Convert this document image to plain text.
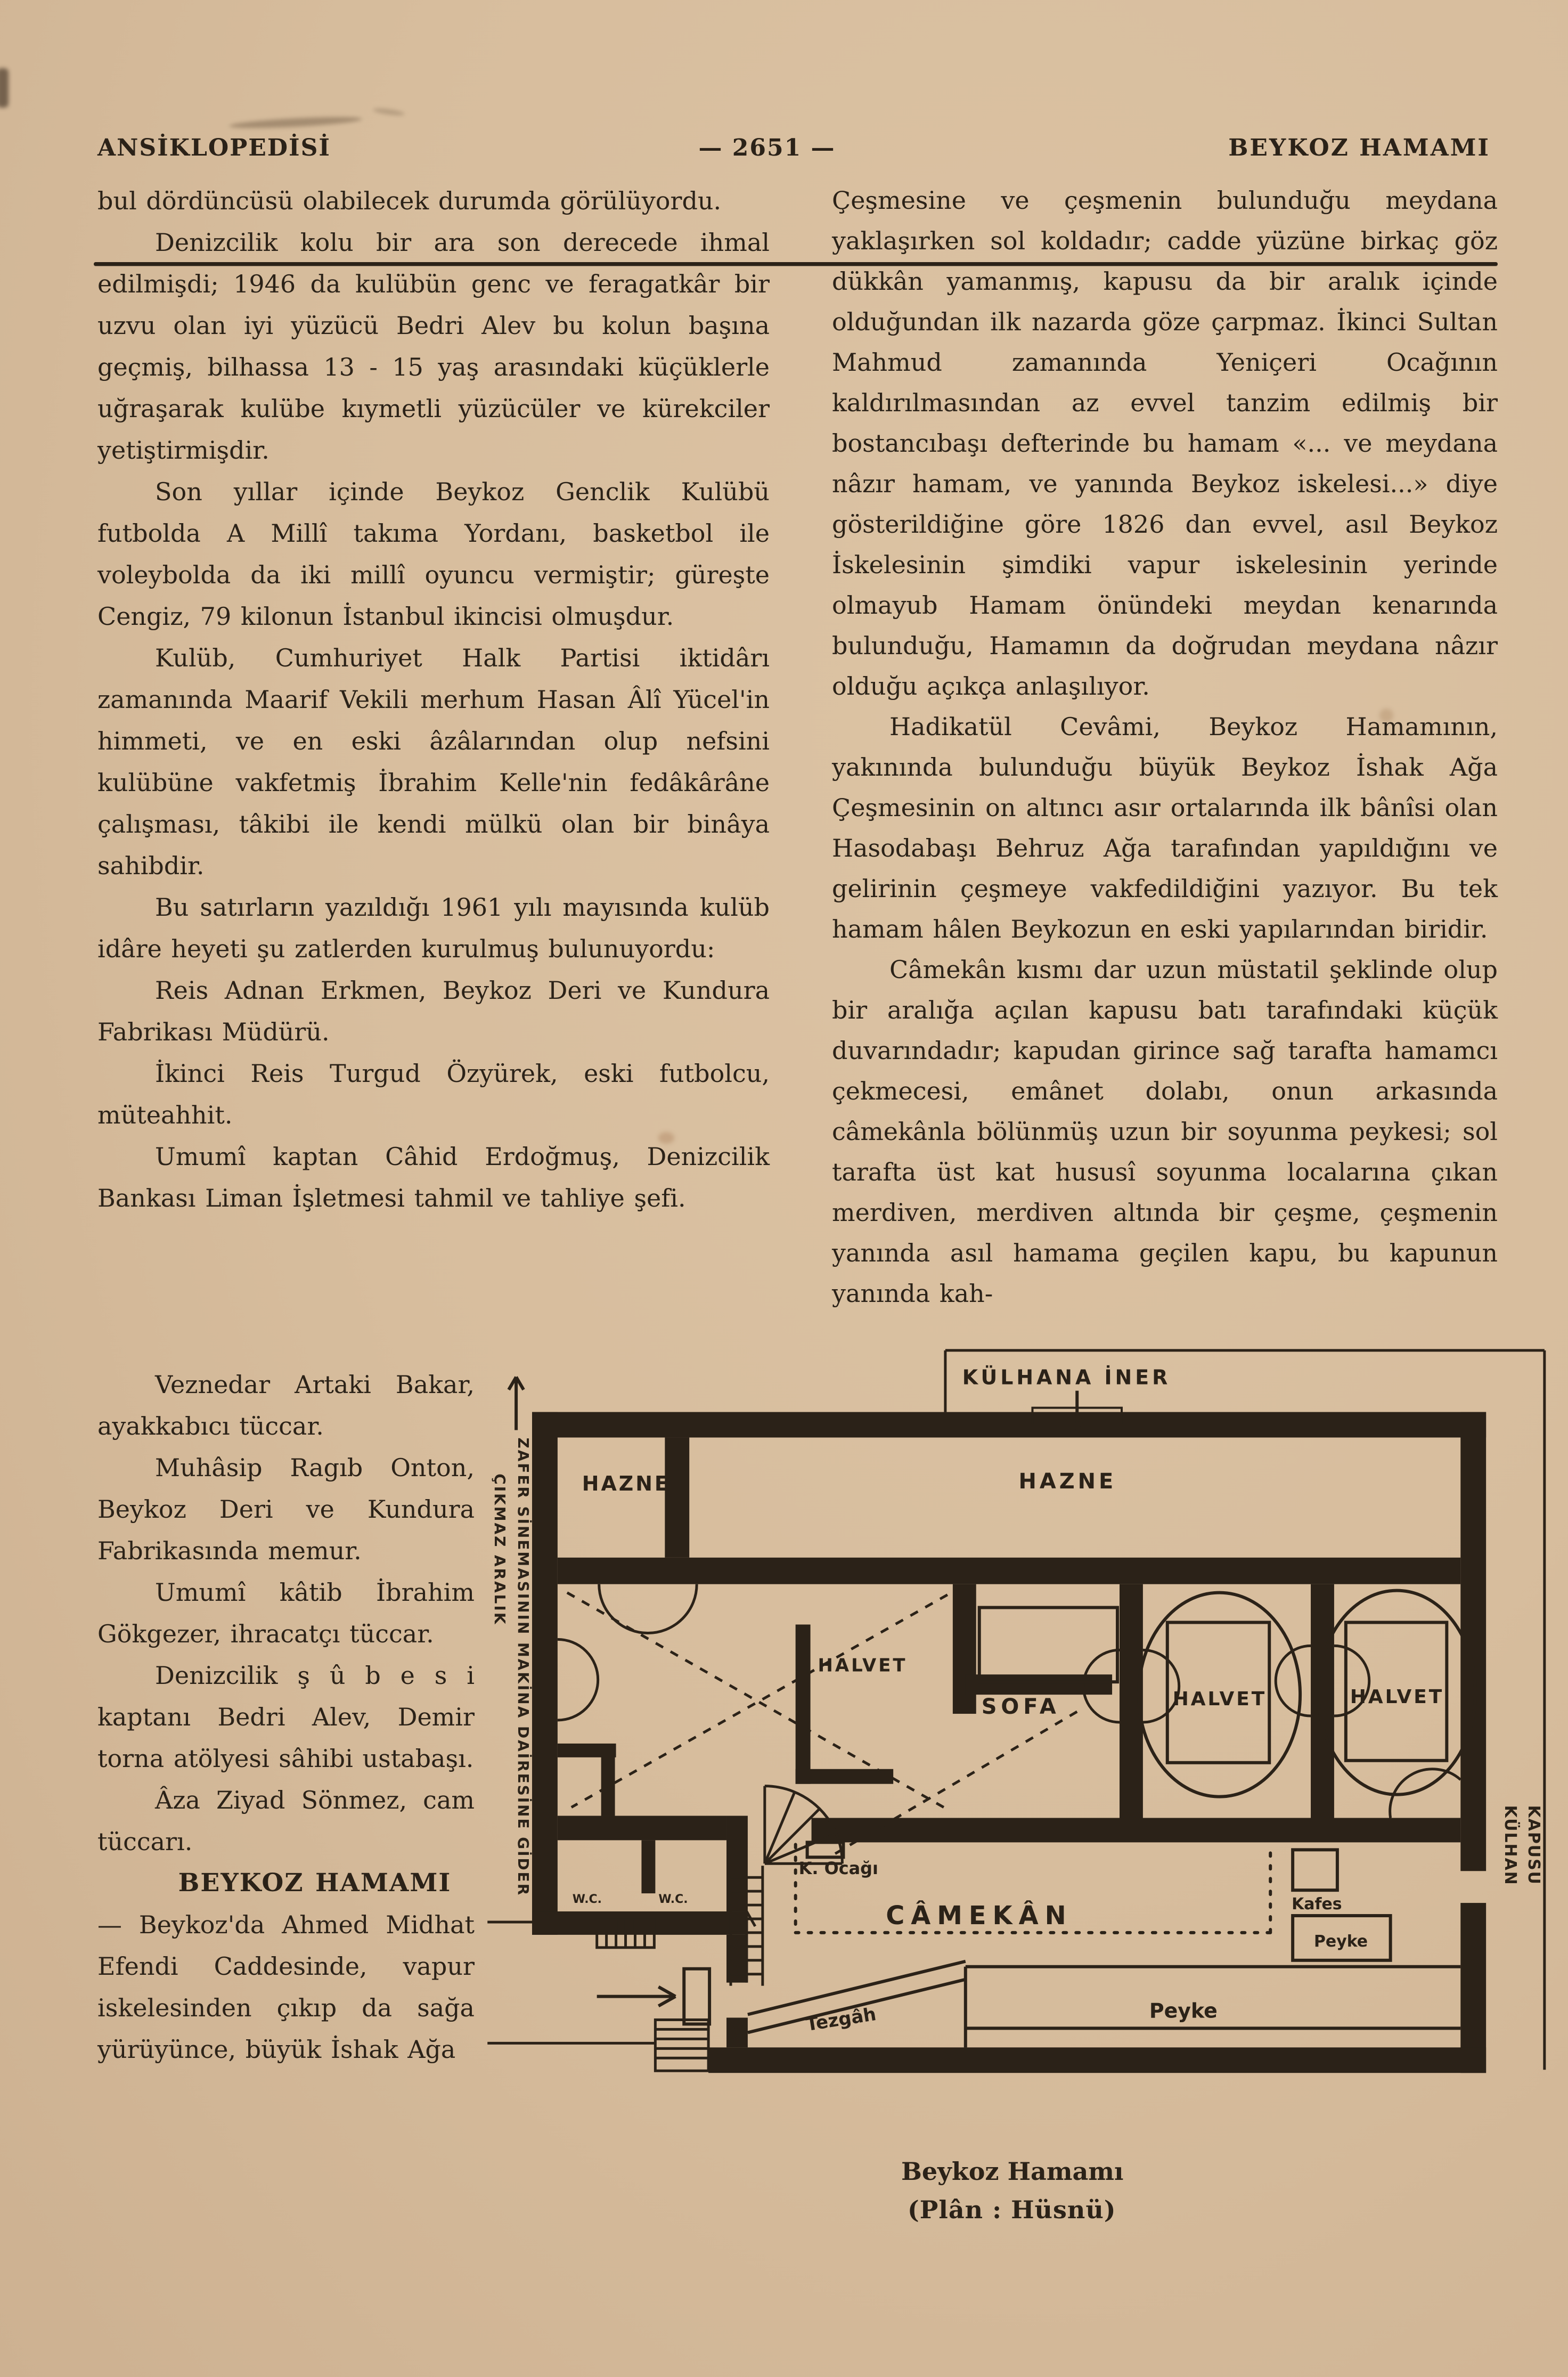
ANSİKLOPEDİSİ	— 2651 —	BEYKOZ HAMAMI

bul dördüncüsü olabilecek durumda görülüyordu.

Denizcilik kolu bir ara son derecede ihmal edilmişdi; 1946 da kulübün genc ve feragatkâr bir uzvu olan iyi yüzücü Bedri Alev bu kolun başına geçmiş, bilhassa 13 - 15 yaş arasındaki küçüklerle uğraşarak kulübe kıymetli yüzücüler ve kürekciler yetiştirmişdir.

Son yıllar içinde Beykoz Genclik Kulübü futbolda A Millî takıma Yordanı, basketbol ile voleybolda da iki millî oyuncu vermiştir; güreşte Cengiz, 79 kilonun İstanbul ikincisi olmuşdur.

Kulüb, Cumhuriyet Halk Partisi iktidârı zamanında Maarif Vekili merhum Hasan Âlî Yücel'in himmeti, ve en eski âzâlarından olup nefsini kulübüne vakfetmiş İbrahim Kelle'nin fedâkârâne çalışması, tâkibi ile kendi mülkü olan bir binâya sahibdir.

Bu satırların yazıldığı 1961 yılı mayısında kulüb idâre heyeti şu zatlerden kurulmuş bulunuyordu:

Reis Adnan Erkmen, Beykoz Deri ve Kundura Fabrikası Müdürü.

İkinci Reis Turgud Özyürek, eski futbolcu, müteahhit.

Umumî kaptan Câhid Erdoğmuş, Denizcilik Bankası Liman İşletmesi tahmil ve tahliye şefi.

Veznedar Artaki Bakar, ayakkabıcı tüccar.

Muhâsip Ragıb Onton, Beykoz Deri ve Kundura Fabrikasında memur.

Umumî kâtib İbrahim Gökgezer, ihracatçı tüccar.

Denizcilik ş û b e s i kaptanı Bedri Alev, Demir torna atölyesi sâhibi ustabaşı.

Âza Ziyad Sönmez, cam tüccarı.

BEYKOZ HAMAMI

— Beykoz'da Ahmed Midhat Efendi Caddesinde, vapur iskelesinden çıkıp da sağa yürüyünce, büyük İshak Ağa

Çeşmesine ve çeşmenin bulunduğu meydana yaklaşırken sol koldadır; cadde yüzüne birkaç göz dükkân yamanmış, kapusu da bir aralık içinde olduğundan ilk nazarda göze çarpmaz. İkinci Sultan Mahmud zamanında Yeniçeri Ocağının kaldırılmasından az evvel tanzim edilmiş bir bostancıbaşı defterinde bu hamam «... ve meydana nâzır hamam, ve yanında Beykoz iskelesi...» diye gösterildiğine göre 1826 dan evvel, asıl Beykoz İskelesinin şimdiki vapur iskelesinin yerinde olmayub Hamam önündeki meydan kenarında bulunduğu, Hamamın da doğrudan meydana nâzır olduğu açıkça anlaşılıyor.

Hadikatül Cevâmi, Beykoz Hamamının, yakınında bulunduğu büyük Beykoz İshak Ağa Çeşmesinin on altıncı asır ortalarında ilk bânîsi olan Hasodabaşı Behruz Ağa tarafından yapıldığını ve gelirinin çeşmeye vakfedildiğini yazıyor. Bu tek hamam hâlen Beykozun en eski yapılarından biridir.

Câmekân kısmı dar uzun müstatil şeklinde olup bir aralığa açılan kapusu batı tarafındaki küçük duvarındadır; kapudan girince sağ tarafta hamamcı çekmecesi, emânet dolabı, onun arkasında câmekânla bölünmüş uzun bir soyunma peykesi; sol tarafta üst kat hususî soyunma localarına çıkan merdiven, merdiven altında bir çeşme, çeşmenin yanında asıl hamama geçilen kapu, bu kapunun yanında kah-

KÜLHANA İNER
HAZNE	HAZNE
HALVET
SOFA	HALVET	HALVET
K. Ocağı
CÂMEKÂN	Kafes
Peyke
Peyke
Tezgâh
W.C.	W.C.
ZAFER SİNEMASININ MAKİNA DAİRESİNE GİDER
ÇIKMAZ ARALIK
KÜLHAN KAPUSU
Beykoz Hamamı
(Plân : Hüsnü)
